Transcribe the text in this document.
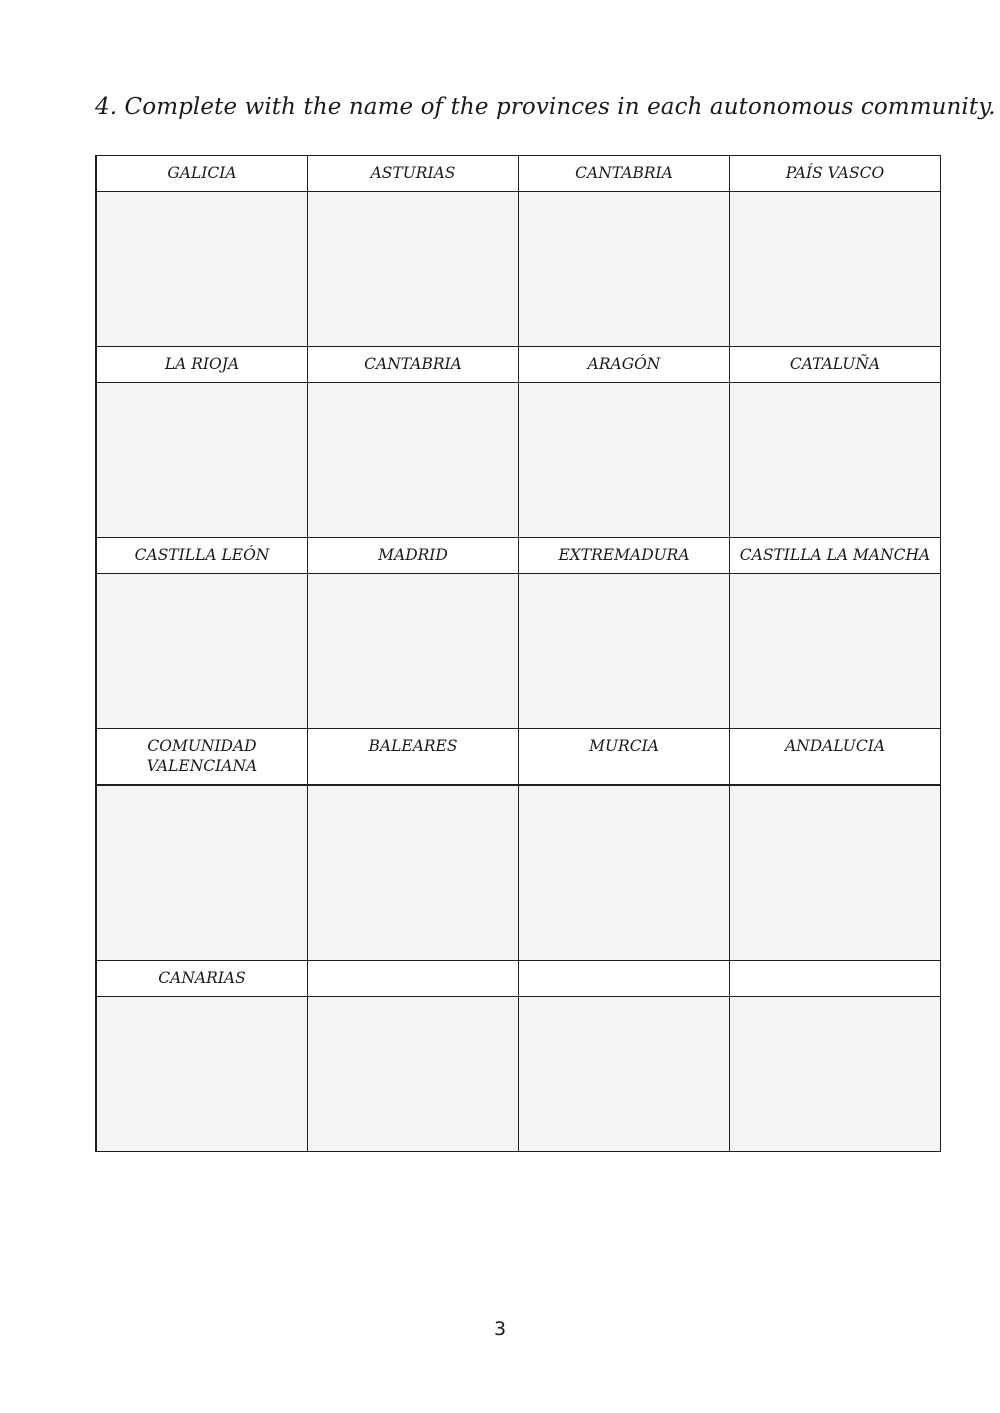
4. Complete with the name of the provinces in each autonomous community.
GALICIA	ASTURIAS	CANTABRIA	PAÍS VASCO

LA RIOJA	CANTABRIA	ARAGÓN	CATALUÑA

CASTILLA LEÓN	MADRID	EXTREMADURA	CASTILLA LA MANCHA

COMUNIDAD VALENCIANA	BALEARES	MURCIA	ANDALUCIA

CANARIAS			

3
